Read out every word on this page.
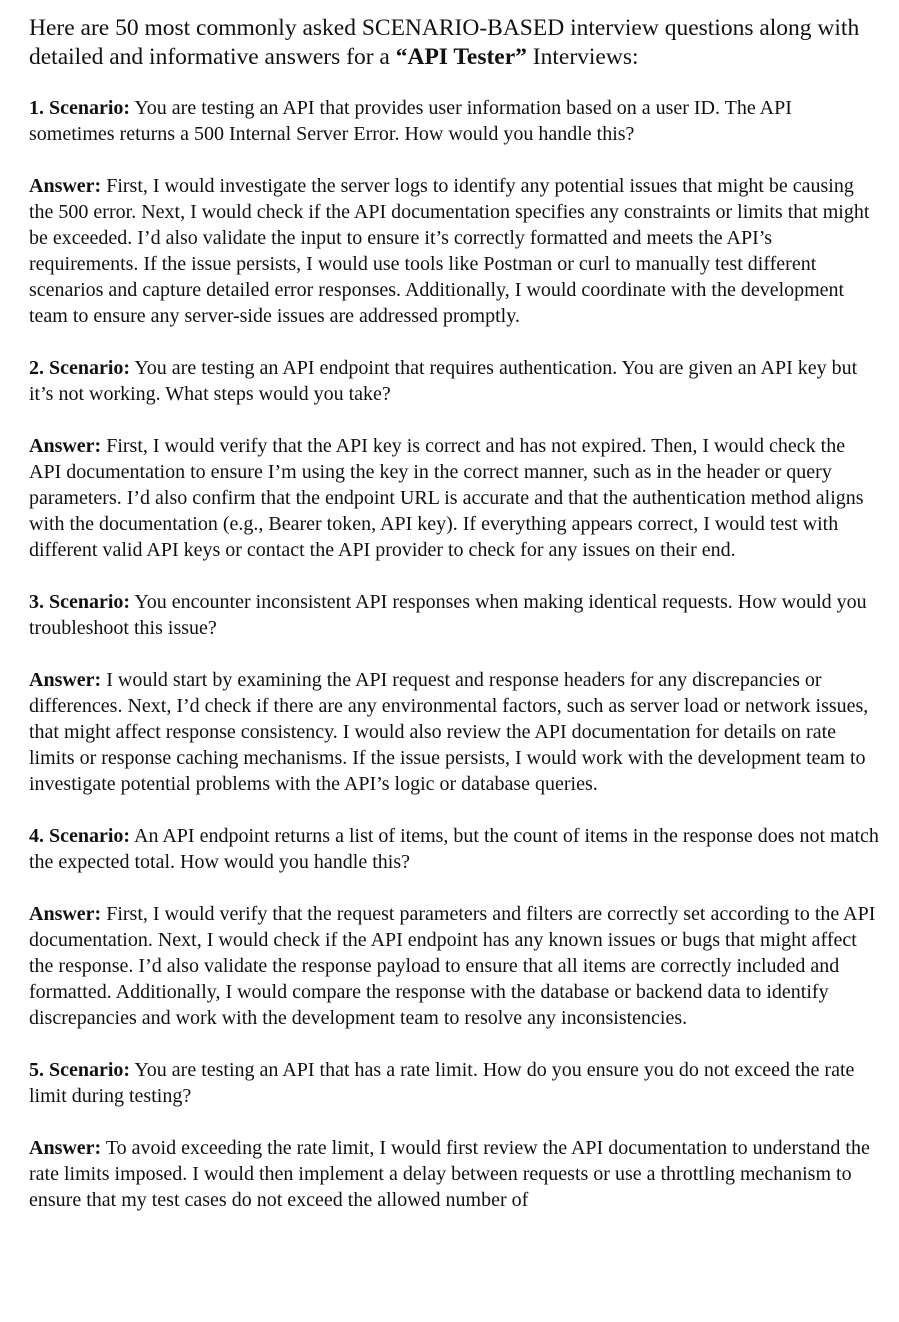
Here are 50 most commonly asked SCENARIO-BASED interview questions along with detailed and informative answers for a “API Tester” Interviews:

1. Scenario: You are testing an API that provides user information based on a user ID. The API sometimes returns a 500 Internal Server Error. How would you handle this?

Answer: First, I would investigate the server logs to identify any potential issues that might be causing the 500 error. Next, I would check if the API documentation specifies any constraints or limits that might be exceeded. I’d also validate the input to ensure it’s correctly formatted and meets the API’s requirements. If the issue persists, I would use tools like Postman or curl to manually test different scenarios and capture detailed error responses. Additionally, I would coordinate with the development team to ensure any server-side issues are addressed promptly.

2. Scenario: You are testing an API endpoint that requires authentication. You are given an API key but it’s not working. What steps would you take?

Answer: First, I would verify that the API key is correct and has not expired. Then, I would check the API documentation to ensure I’m using the key in the correct manner, such as in the header or query parameters. I’d also confirm that the endpoint URL is accurate and that the authentication method aligns with the documentation (e.g., Bearer token, API key). If everything appears correct, I would test with different valid API keys or contact the API provider to check for any issues on their end.

3. Scenario: You encounter inconsistent API responses when making identical requests. How would you troubleshoot this issue?

Answer: I would start by examining the API request and response headers for any discrepancies or differences. Next, I’d check if there are any environmental factors, such as server load or network issues, that might affect response consistency. I would also review the API documentation for details on rate limits or response caching mechanisms. If the issue persists, I would work with the development team to investigate potential problems with the API’s logic or database queries.

4. Scenario: An API endpoint returns a list of items, but the count of items in the response does not match the expected total. How would you handle this?

Answer: First, I would verify that the request parameters and filters are correctly set according to the API documentation. Next, I would check if the API endpoint has any known issues or bugs that might affect the response. I’d also validate the response payload to ensure that all items are correctly included and formatted. Additionally, I would compare the response with the database or backend data to identify discrepancies and work with the development team to resolve any inconsistencies.

5. Scenario: You are testing an API that has a rate limit. How do you ensure you do not exceed the rate limit during testing?

Answer: To avoid exceeding the rate limit, I would first review the API documentation to understand the rate limits imposed. I would then implement a delay between requests or use a throttling mechanism to ensure that my test cases do not exceed the allowed number of
